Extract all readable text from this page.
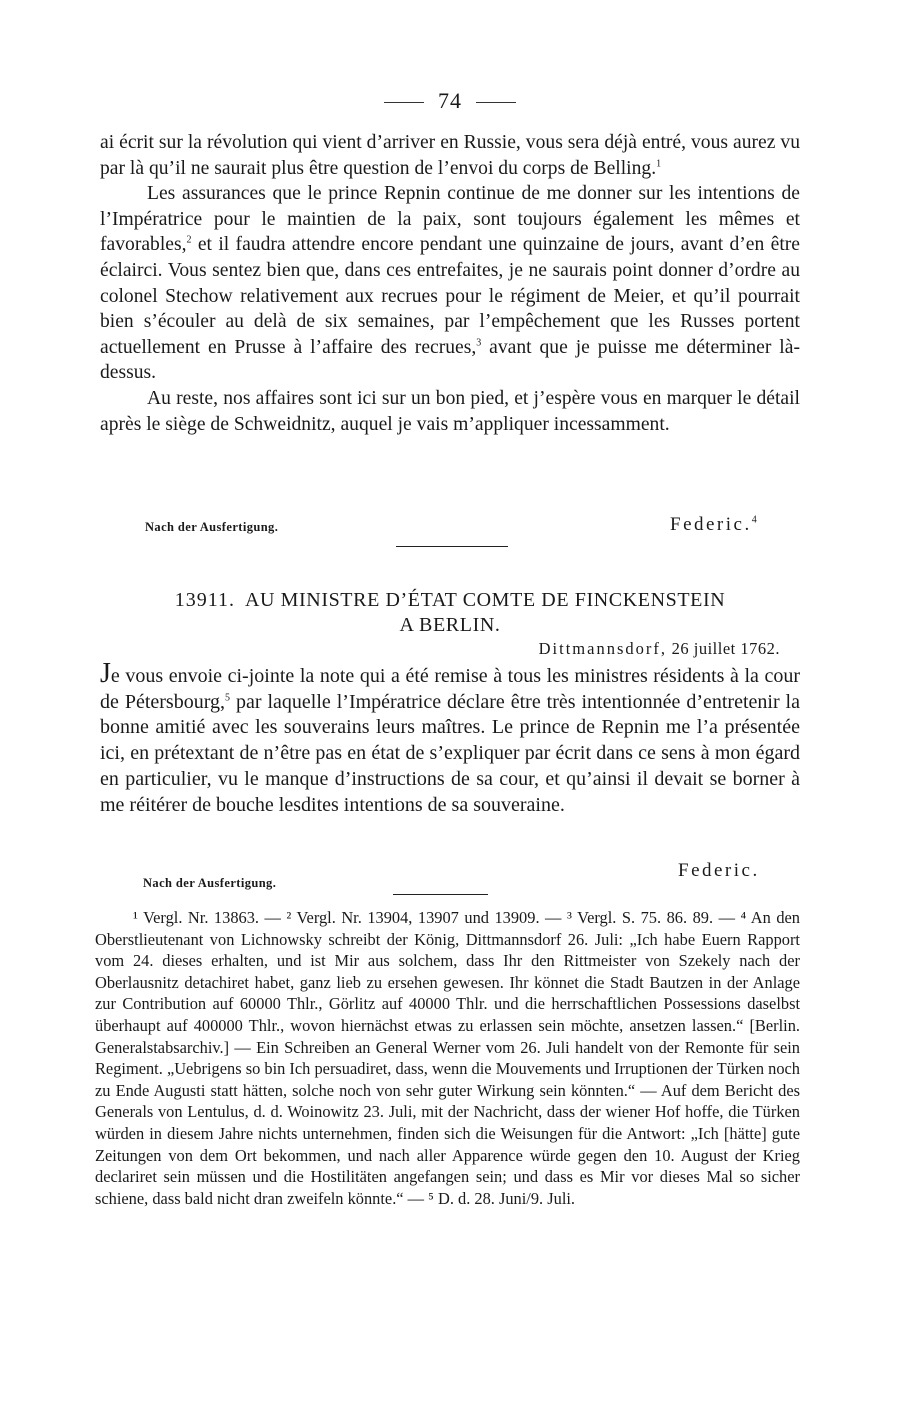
74

ai écrit sur la révolution qui vient d’arriver en Russie, vous sera déjà entré, vous aurez vu par là qu’il ne saurait plus être question de l’envoi du corps de Belling.$^1$

Les assurances que le prince Repnin continue de me donner sur les intentions de l’Impératrice pour le maintien de la paix, sont toujours également les mêmes et favorables,$^2$ et il faudra attendre encore pendant une quinzaine de jours, avant d’en être éclairci. Vous sentez bien que, dans ces entrefaites, je ne saurais point donner d’ordre au colonel Stechow relativement aux recrues pour le régiment de Meier, et qu’il pourrait bien s’écouler au delà de six semaines, par l’empêchement que les Russes portent actuellement en Prusse à l’affaire des recrues,$^3$ avant que je puisse me déterminer là-dessus.

Au reste, nos affaires sont ici sur un bon pied, et j’espère vous en marquer le détail après le siège de Schweidnitz, auquel je vais m’appliquer incessamment.

Nach der Ausfertigung.	Federic.$^4$
13911. AU MINISTRE D’ÉTAT COMTE DE FINCKENSTEIN
A BERLIN.
Dittmannsdorf, 26 juillet 1762.

Je vous envoie ci-jointe la note qui a été remise à tous les ministres résidents à la cour de Pétersbourg,$^5$ par laquelle l’Impératrice déclare être très intentionnée d’entretenir la bonne amitié avec les souverains leurs maîtres. Le prince de Repnin me l’a présentée ici, en prétextant de n’être pas en état de s’expliquer par écrit dans ce sens à mon égard en particulier, vu le manque d’instructions de sa cour, et qu’ainsi il devait se borner à me réitérer de bouche lesdites intentions de sa souveraine.

Federic.
Nach der Ausfertigung.

¹ Vergl. Nr. 13863. — ² Vergl. Nr. 13904, 13907 und 13909. — ³ Vergl. S. 75. 86. 89. — ⁴ An den Oberstlieutenant von Lichnowsky schreibt der König, Dittmannsdorf 26. Juli: „Ich habe Euern Rapport vom 24. dieses erhalten, und ist Mir aus solchem, dass Ihr den Rittmeister von Szekely nach der Oberlausnitz detachiret habet, ganz lieb zu ersehen gewesen. Ihr könnet die Stadt Bautzen in der Anlage zur Contribution auf 60000 Thlr., Görlitz auf 40000 Thlr. und die herrschaftlichen Possessions daselbst überhaupt auf 400000 Thlr., wovon hiernächst etwas zu erlassen sein möchte, ansetzen lassen.“ [Berlin. Generalstabsarchiv.] — Ein Schreiben an General Werner vom 26. Juli handelt von der Remonte für sein Regiment. „Uebrigens so bin Ich persuadiret, dass, wenn die Mouvements und Irruptionen der Türken noch zu Ende Augusti statt hätten, solche noch von sehr guter Wirkung sein könnten.“ — Auf dem Bericht des Generals von Lentulus, d. d. Woinowitz 23. Juli, mit der Nachricht, dass der wiener Hof hoffe, die Türken würden in diesem Jahre nichts unternehmen, finden sich die Weisungen für die Antwort: „Ich [hätte] gute Zeitungen von dem Ort bekommen, und nach aller Apparence würde gegen den 10. August der Krieg declariret sein müssen und die Hostilitäten angefangen sein; und dass es Mir vor dieses Mal so sicher schiene, dass bald nicht dran zweifeln könnte.“ — ⁵ D. d. 28. Juni/9. Juli.
